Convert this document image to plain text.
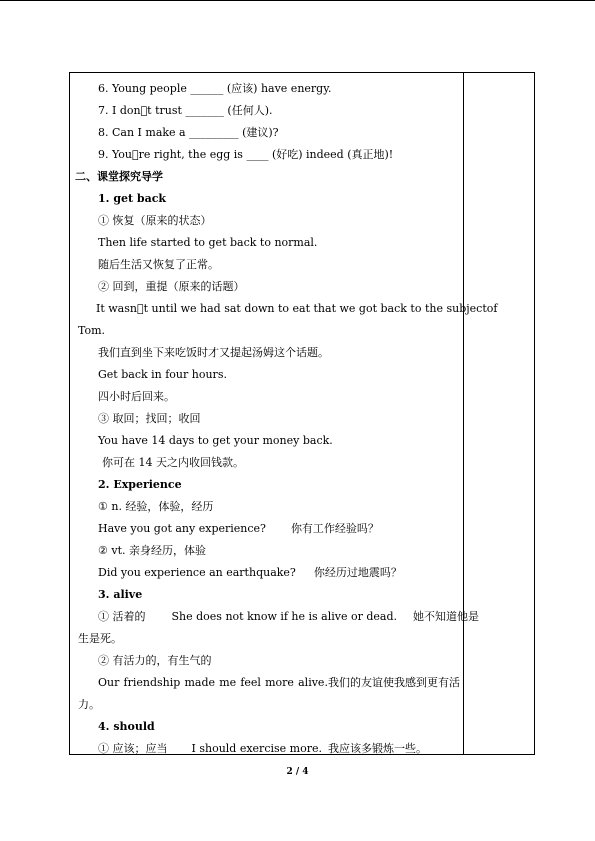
6. Young people ______ (应该) have energy.
7. I don t trust _______ (任何人).
8. Can I make a _________ (建议)?
9. You re right, the egg is ____ (好吃) indeed (真正地)!
二、课堂探究导学
1. get back
① 恢复（原来的状态）
Then life started to get back to normal.
随后生活又恢复了正常。
② 回到，重提（原来的话题）
It wasn t until we had sat down to eat that we got back to the subject of
Tom.
我们直到坐下来吃饭时才又提起汤姆这个话题。
Get back in four hours.
四小时后回来。
③ 取回；找回；收回
You have 14 days to get your money back.
你可在 14 天之内收回钱款。
2. Experience
① n. 经验，体验，经历
Have you got any experience? 你有工作经验吗？
② vt. 亲身经历，体验
Did you experience an earthquake? 你经历过地震吗？
3. alive
① 活着的 She does not know if he is alive or dead. 她不知道他是
生是死。
② 有活力的，有生气的
Our friendship made me feel more alive.我们的友谊使我感到更有活
力。
4. should
① 应该；应当 I should exercise more. 我应该多锻炼一些。
2 / 4
